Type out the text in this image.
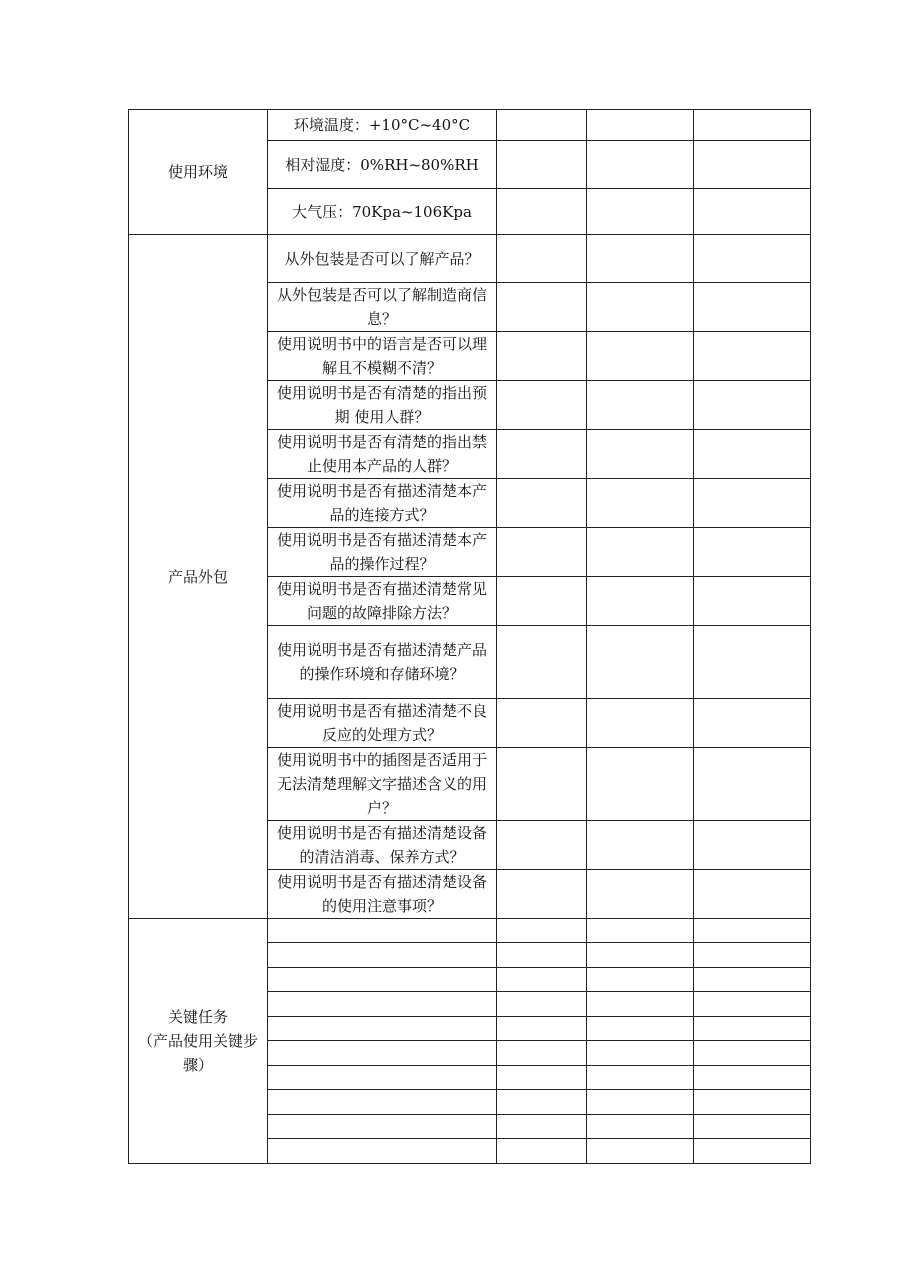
使用环境	环境温度：+10°C~40°C			
	相对湿度：0%RH~80%RH			
	大气压：70Kpa~106Kpa			

产品外包	从外包装是否可以了解产品？			
	从外包装是否可以了解制造商信息？			
	使用说明书中的语言是否可以理解且不模糊不清？			
	使用说明书是否有清楚的指出预期 使用人群？			
	使用说明书是否有清楚的指出禁止使用本产品的人群？			
	使用说明书是否有描述清楚本产品的连接方式？			
	使用说明书是否有描述清楚本产品的操作过程？			
	使用说明书是否有描述清楚常见问题的故障排除方法？			
	使用说明书是否有描述清楚产品的操作环境和存储环境？			
	使用说明书是否有描述清楚不良反应的处理方式？			
	使用说明书中的插图是否适用于无法清楚理解文字描述含义的用户？			
	使用说明书是否有描述清楚设备的清洁消毒、保养方式？			
	使用说明书是否有描述清楚设备的使用注意事项？			

关键任务
（产品使用关键步骤）				
